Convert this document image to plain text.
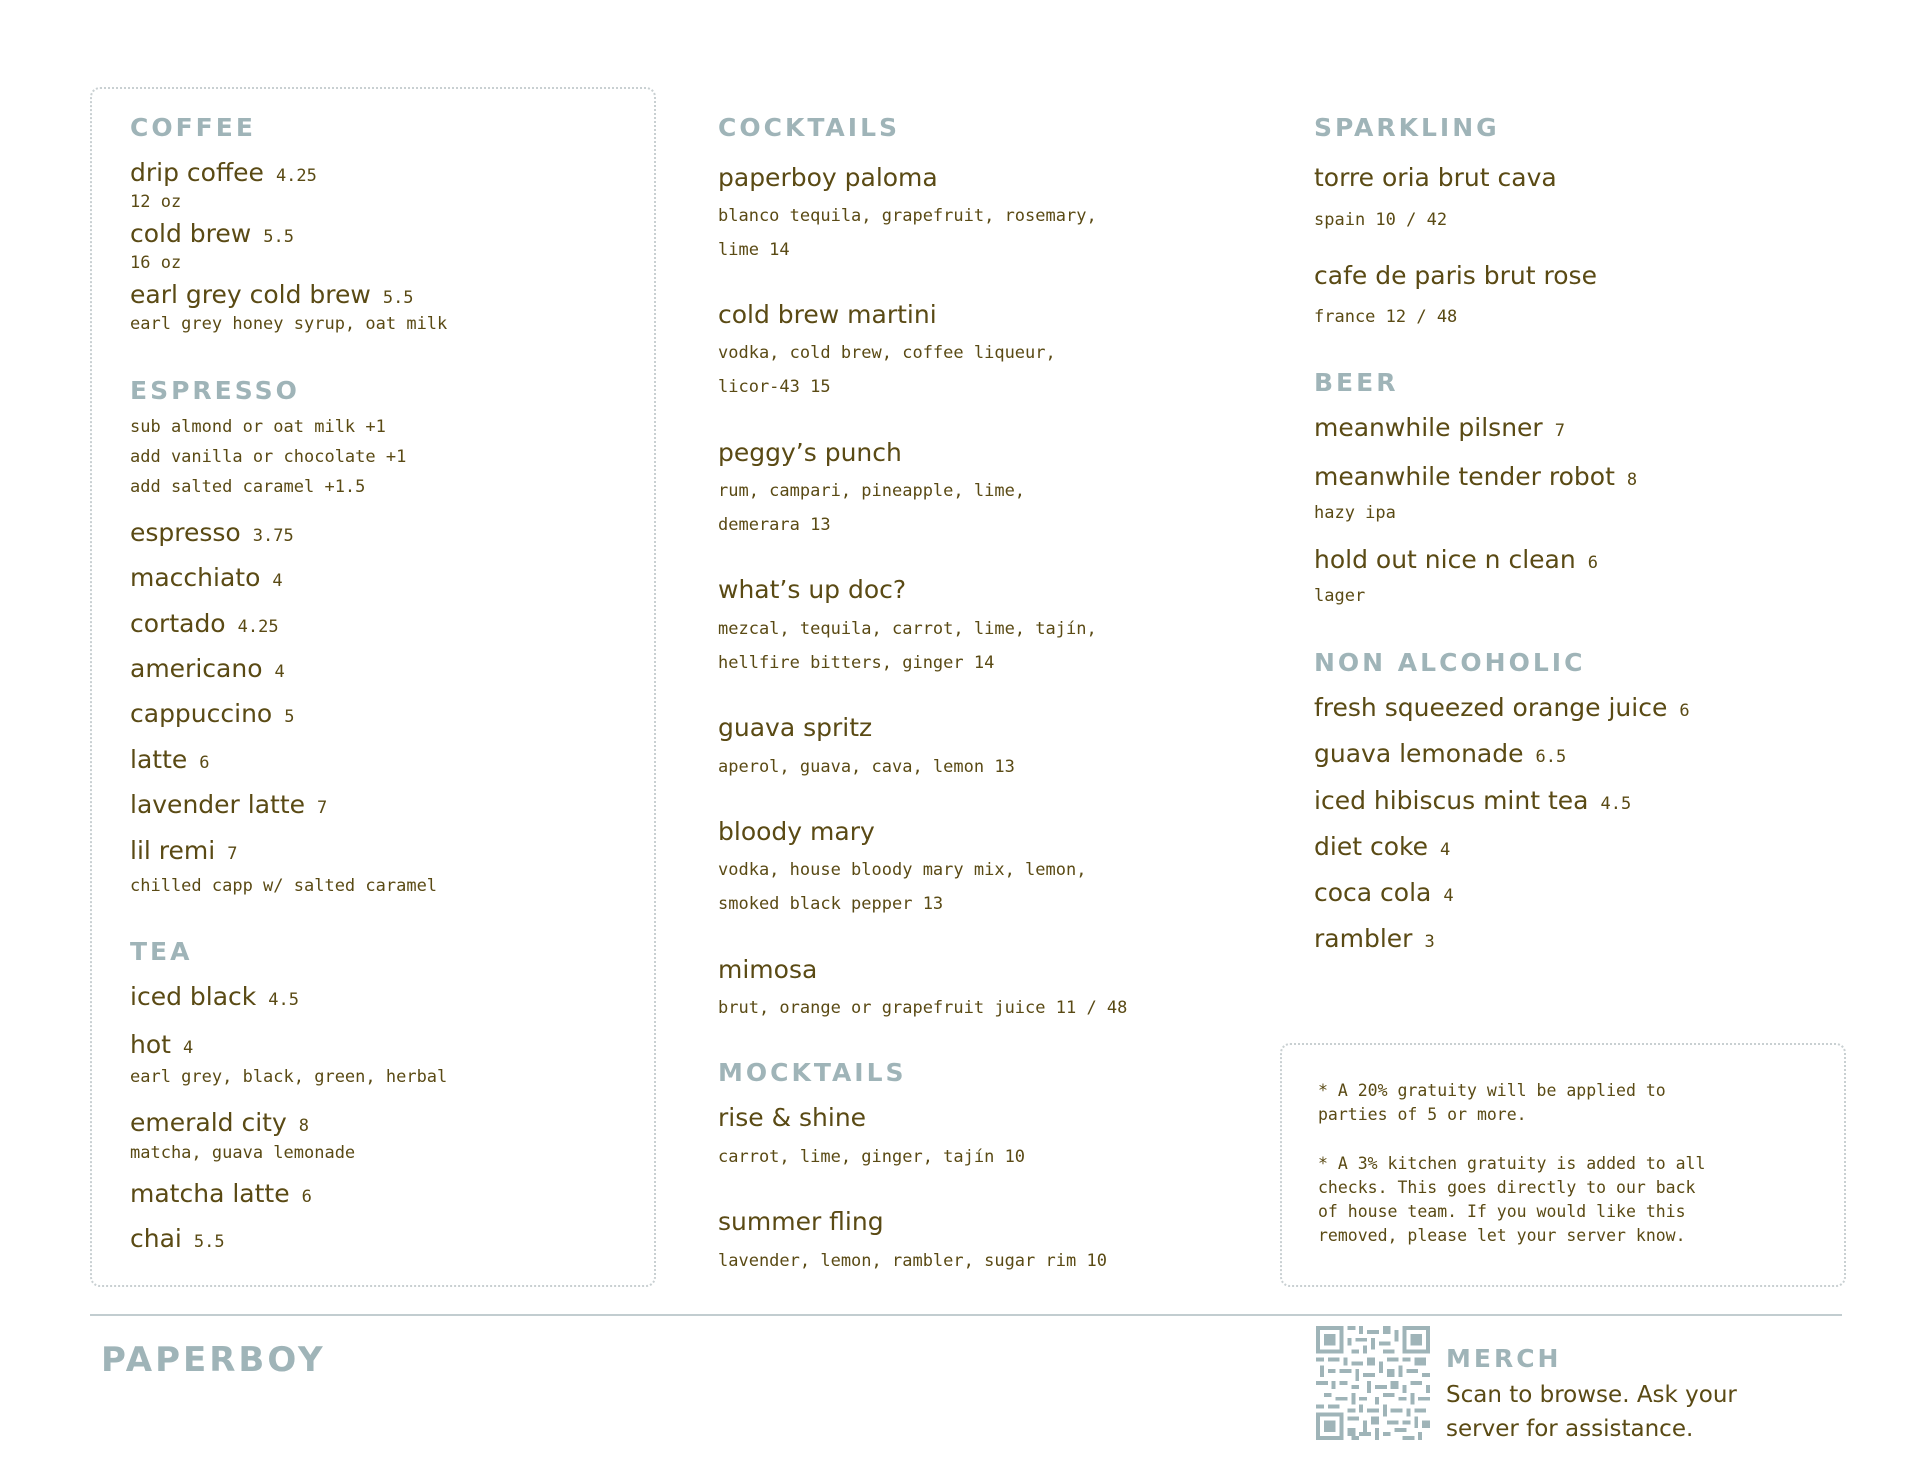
COFFEE
drip coffee 4.25
12 oz
cold brew 5.5
16 oz
earl grey cold brew 5.5
earl grey honey syrup, oat milk
ESPRESSO
sub almond or oat milk +1
add vanilla or chocolate +1
add salted caramel +1.5
espresso 3.75
macchiato 4
cortado 4.25
americano 4
cappuccino 5
latte 6
lavender latte 7
lil remi 7
chilled capp w/ salted caramel
TEA
iced black 4.5
hot 4
earl grey, black, green, herbal
emerald city 8
matcha, guava lemonade
matcha latte 6
chai 5.5
COCKTAILS
paperboy paloma
blanco tequila, grapefruit, rosemary,
lime 14
cold brew martini
vodka, cold brew, coffee liqueur,
licor-43 15
peggy’s punch
rum, campari, pineapple, lime,
demerara 13
what’s up doc?
mezcal, tequila, carrot, lime, tajín,
hellfire bitters, ginger 14
guava spritz
aperol, guava, cava, lemon 13
bloody mary
vodka, house bloody mary mix, lemon,
smoked black pepper 13
mimosa
brut, orange or grapefruit juice 11 / 48
MOCKTAILS
rise & shine
carrot, lime, ginger, tajín 10
summer fling
lavender, lemon, rambler, sugar rim 10
SPARKLING
torre oria brut cava
spain 10 / 42
cafe de paris brut rose
france 12 / 48
BEER
meanwhile pilsner 7
meanwhile tender robot 8
hazy ipa
hold out nice n clean 6
lager
NON ALCOHOLIC
fresh squeezed orange juice 6
guava lemonade 6.5
iced hibiscus mint tea 4.5
diet coke 4
coca cola 4
rambler 3
* A 20% gratuity will be applied to
parties of 5 or more.
* A 3% kitchen gratuity is added to all
checks. This goes directly to our back
of house team. If you would like this
removed, please let your server know.
PAPERBOY	MERCH
Scan to browse. Ask your
server for assistance.
